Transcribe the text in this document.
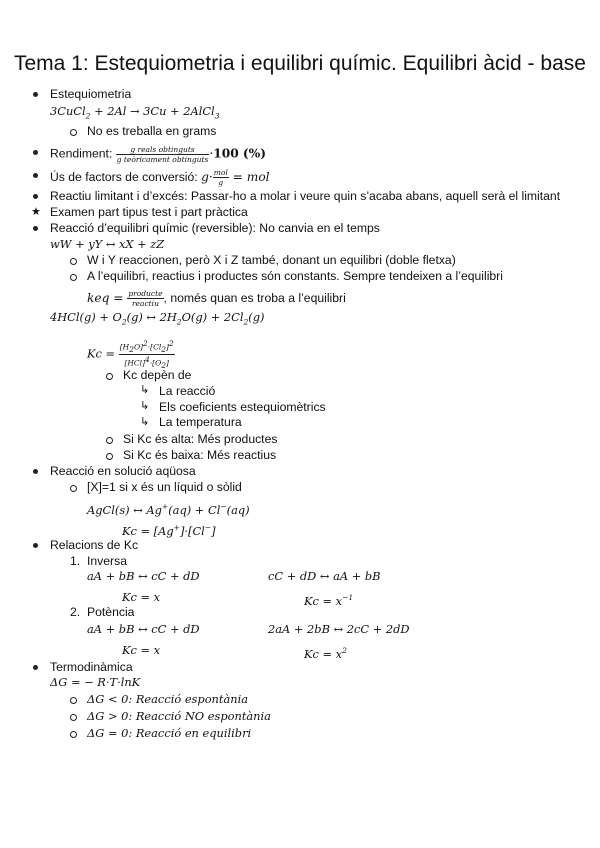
Tema 1: Estequiometria i equilibri químic. Equilibri àcid - base
Estequiometria
3CuCl$_2$ + 2Al → 3Cu + 2AlCl$_3$
No es treballa en grams
Rendiment: $\frac{\text{g reals obtinguts}}{\text{g teòricament obtinguts}} \cdot 100$ (%)
Ús de factors de conversió: $g\cdot \frac{\text{mol}}{g}$ = mol
Reactiu limitant i d’excés: Passar-ho a molar i veure quin s’acaba abans, aquell serà el limitant
★ Examen part tipus test i part pràctica
Reacció d’equilibri químic (reversible): No canvia en el temps
wW + yY ↔ xX + zZ
W i Y reaccionen, però X i Z també, donant un equilibri (doble fletxa)
A l’equilibri, reactius i productes són constants. Sempre tendeixen a l’equilibri
keq = $\frac{\text{producte}}{\text{reactiu}}$ , només quan es troba a l’equilibri
$4HCl(g) + O_2(g)$ ↔ $2H_2O(g) + 2Cl_2(g)$
$Kc = \frac{[H_2O]^2\cdot[Cl_2]^2}{[HCl]^4\cdot[O_2]}$
Kc depèn de
↳ La reacció
↳ Els coeficients estequiomètrics
↳ La temperatura
Si Kc és alta: Més productes
Si Kc és baixa: Més reactius
Reacció en solució aqüosa
[X]=1 si x és un líquid o sòlid
AgCl(s) ↔ Ag+(aq) + Cl−(aq)
Kc = [Ag+]·[Cl−]
Relacions de Kc
1. Inversa
aA + bB ↔ cC + dD	cC + dD ↔ aA + bB
Kc = x	$Kc = x^{-1}$
2. Potència
aA + bB ↔ cC + dD	2aA + 2bB ↔ 2cC + 2dD
Kc = x	$Kc = x^2$
Termodinàmica
ΔG = − R·T·lnK
ΔG < 0: Reacció espontània
ΔG > 0: Reacció NO espontània
ΔG = 0: Reacció en equilibri
